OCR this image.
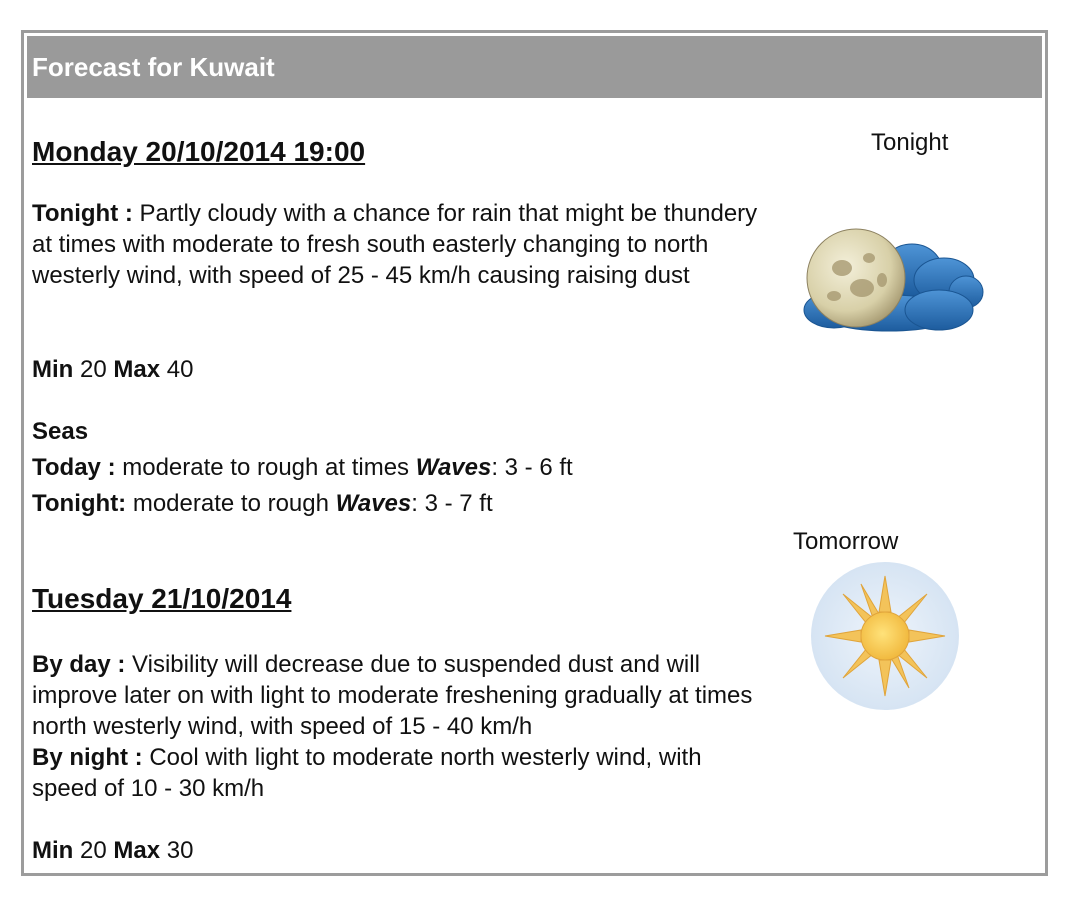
Forecast for Kuwait
Monday 20/10/2014 19:00
Tonight : Partly cloudy with a chance for rain that might be thundery at times with moderate to fresh south easterly changing to north westerly wind, with speed of 25 - 45 km/h causing raising dust
Min 20 Max 40
Seas
Today : moderate to rough at times Waves: 3 - 6 ft
Tonight: moderate to rough Waves: 3 - 7 ft
Tuesday 21/10/2014
By day : Visibility will decrease due to suspended dust and will improve later on with light to moderate freshening gradually at times north westerly wind, with speed of 15 - 40 km/h
By night : Cool with light to moderate north westerly wind, with speed of 10 - 30 km/h
Min 20 Max 30
Tonight
Tomorrow
